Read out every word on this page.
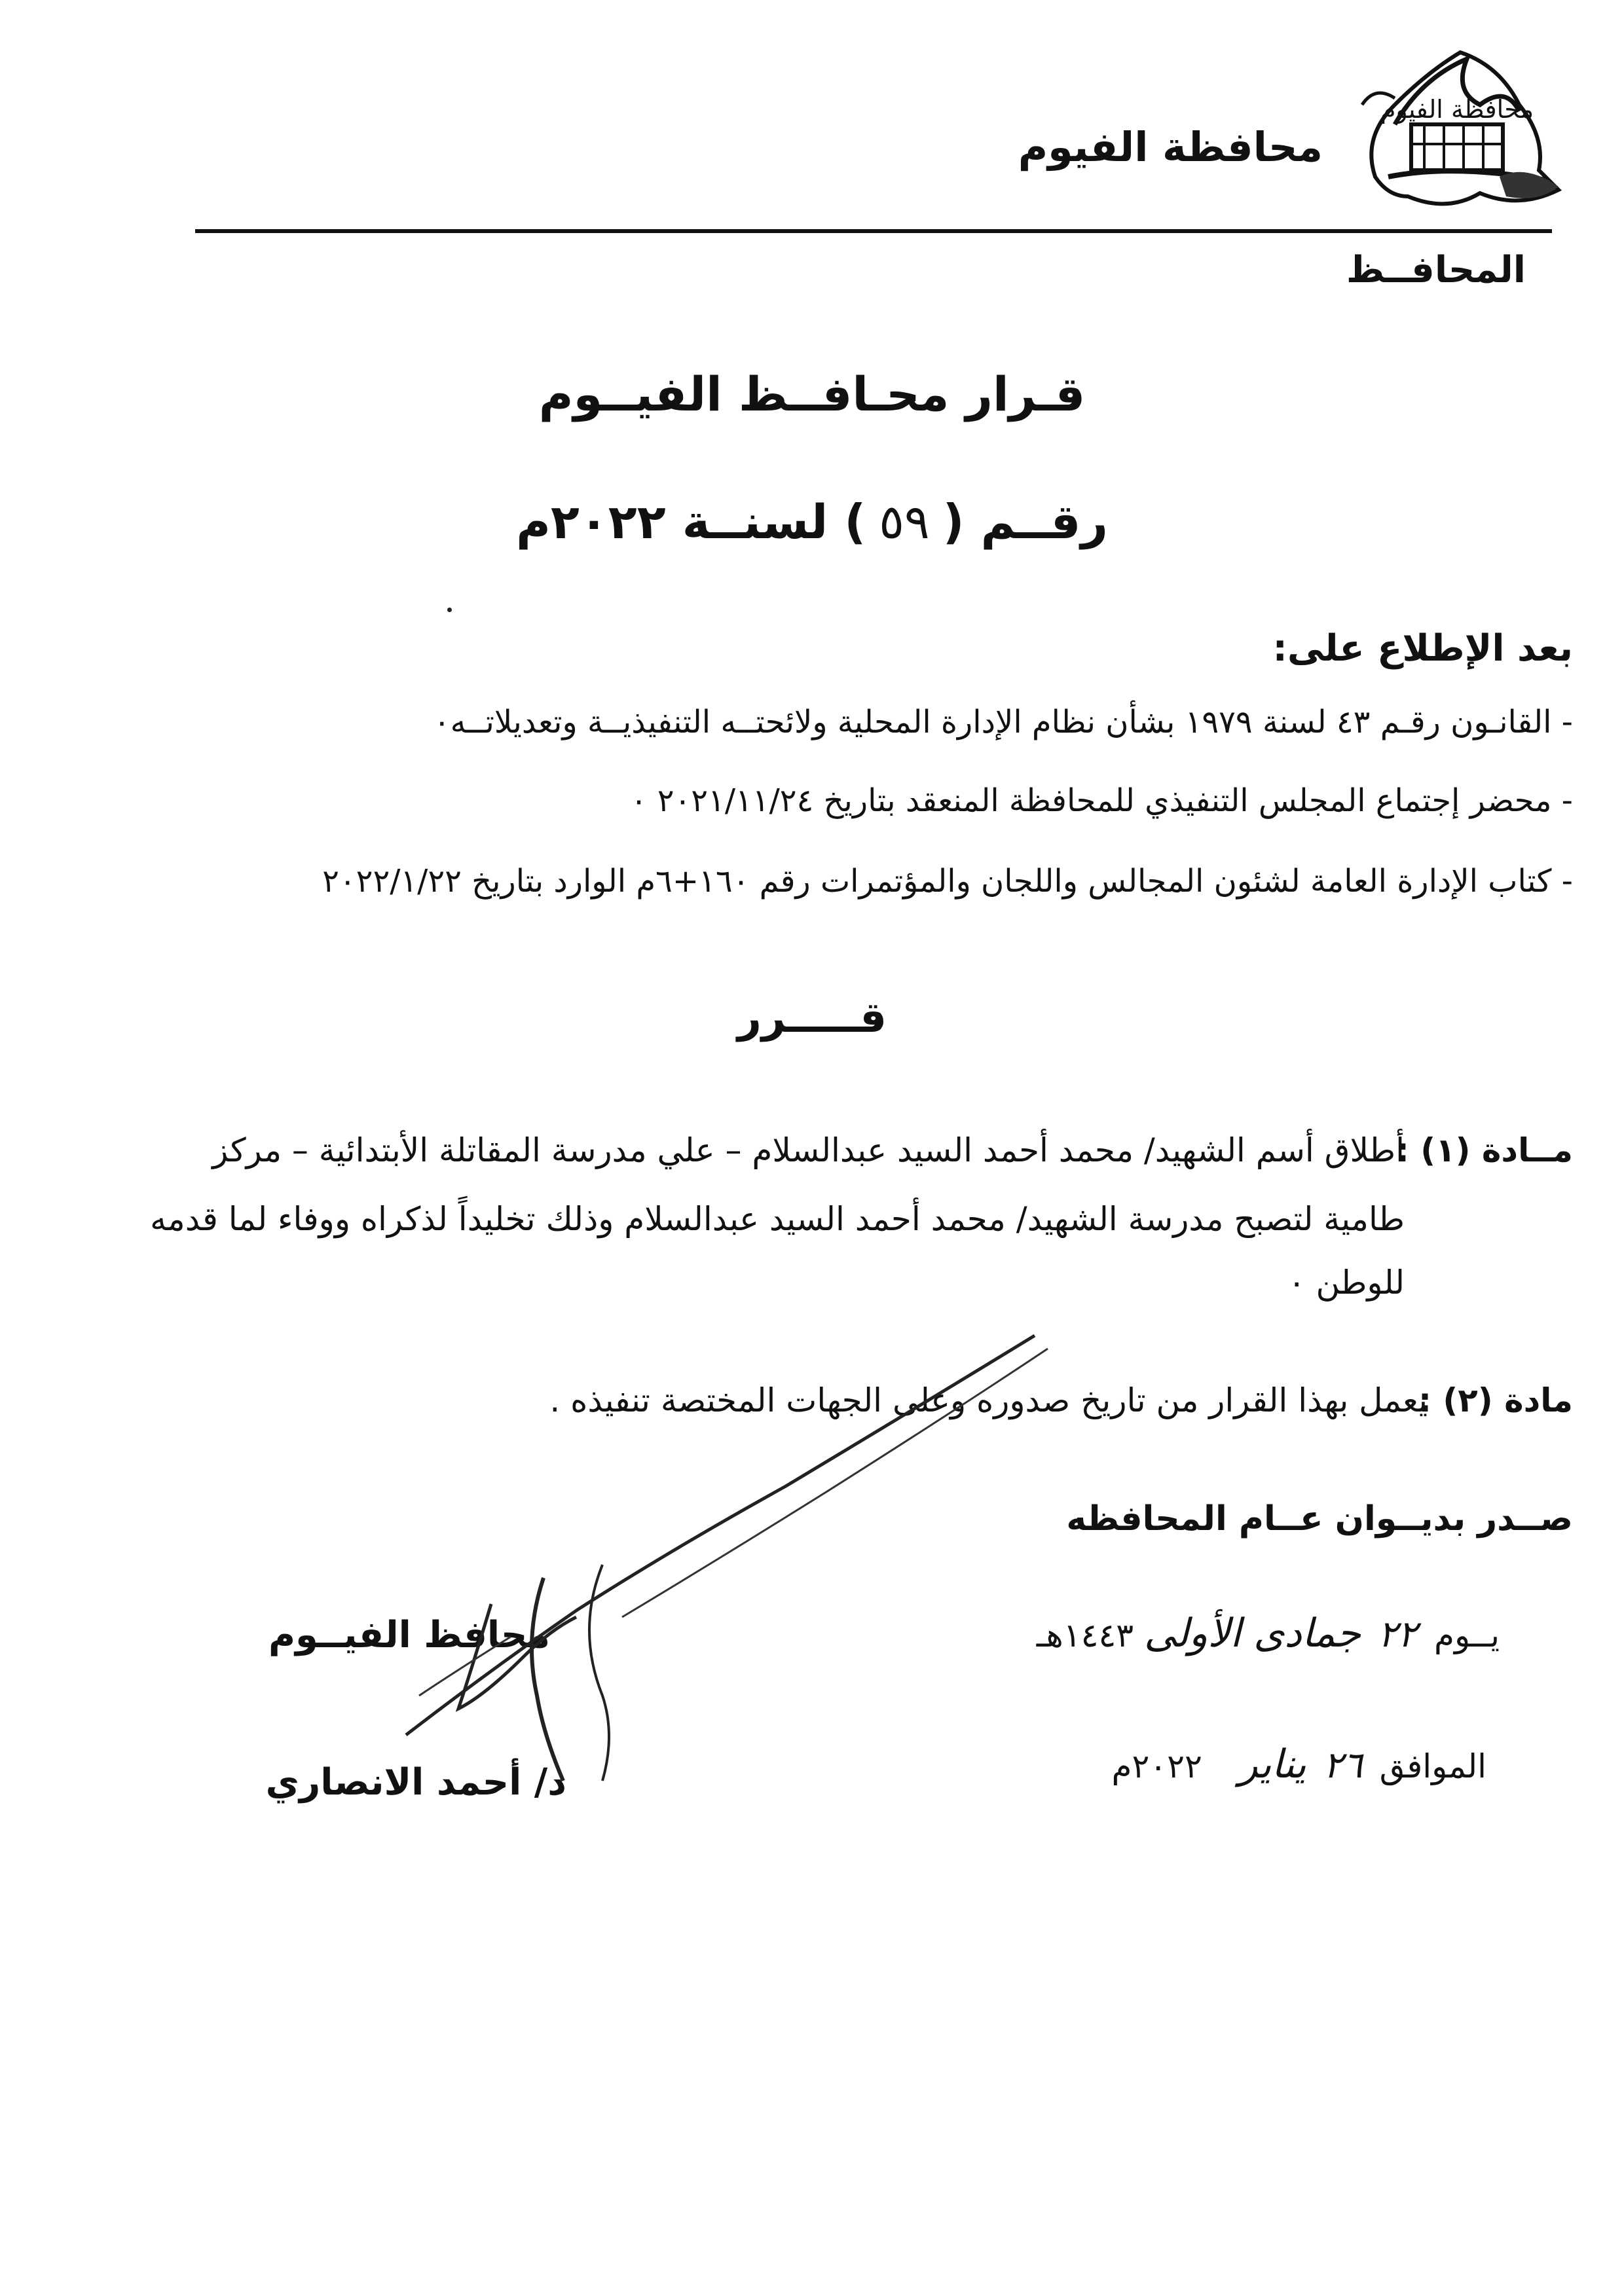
محافظة الفيوم
محافظة الفيوم
المحافــظ
قـرار محـافــظ الفيــوم
رقــم (٥٩) لسنــة ٢٠٢٢م
بعد الإطلاع على:
- القانـون رقـم ٤٣ لسنة ١٩٧٩ بشأن نظام الإدارة المحلية ولائحتــه التنفيذيــة وتعديلاتــه٠
- محضر إجتماع المجلس التنفيذي للمحافظة المنعقد بتاريخ ٢٠٢١/١١/٢٤ ٠
- كتاب الإدارة العامة لشئون المجالس واللجان والمؤتمرات رقم ١٦٠+٦م الوارد بتاريخ ٢٠٢٢/١/٢٢
قـــــرر
مــادة (١) :
أطلاق أسم الشهيد/ محمد أحمد السيد عبدالسلام – علي مدرسة المقاتلة الأبتدائية – مركز
طامية لتصبح مدرسة الشهيد/ محمد أحمد السيد عبدالسلام وذلك تخليداً لذكراه ووفاء لما قدمه
للوطن ٠
مادة (٢) :
يعمل بهذا القرار من تاريخ صدوره وعلى الجهات المختصة تنفيذه .
صــدر بديــوان عــام المحافظه
يــوم ٢٢ جمادى الأولى ١٤٤٣هـ
الموافق ٢٦ يناير ٢٠٢٢م
محافظ الفيــوم
د/ أحمد الانصاري
